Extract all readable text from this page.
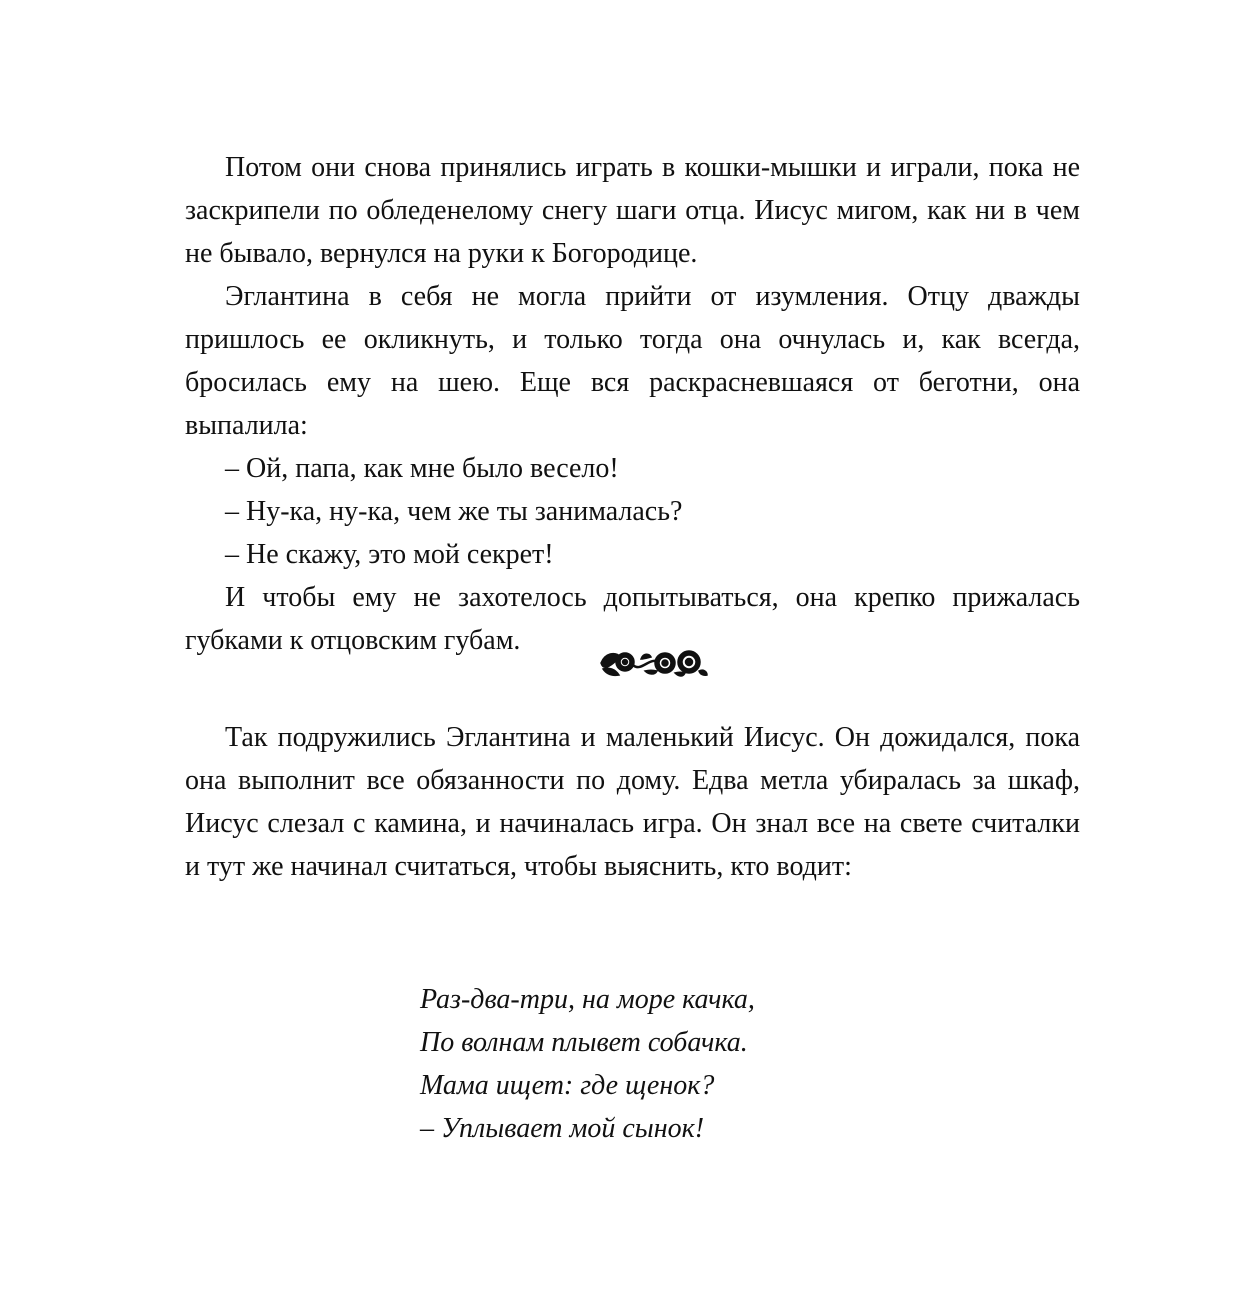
Потом они снова принялись играть в кошки-мышки и играли, пока не заскрипели по обледенелому снегу шаги отца. Иисус мигом, как ни в чем не бывало, вернулся на руки к Богородице.

Эглантина в себя не могла прийти от изумления. Отцу дважды пришлось ее окликнуть, и только тогда она очнулась и, как всегда, бросилась ему на шею. Еще вся раскрасневшаяся от беготни, она выпалила:

– Ой, папа, как мне было весело!

– Ну-ка, ну-ка, чем же ты занималась?

– Не скажу, это мой секрет!

И чтобы ему не захотелось допытываться, она крепко прижалась губками к отцовским губам.

Так подружились Эглантина и маленький Иисус. Он дожидался, пока она выполнит все обязанности по дому. Едва метла убиралась за шкаф, Иисус слезал с камина, и начиналась игра. Он знал все на свете считалки и тут же начинал считаться, чтобы выяснить, кто водит:

Раз-два-три, на море качка,
По волнам плывет собачка.
Мама ищет: где щенок?
– Уплывает мой сынок!
